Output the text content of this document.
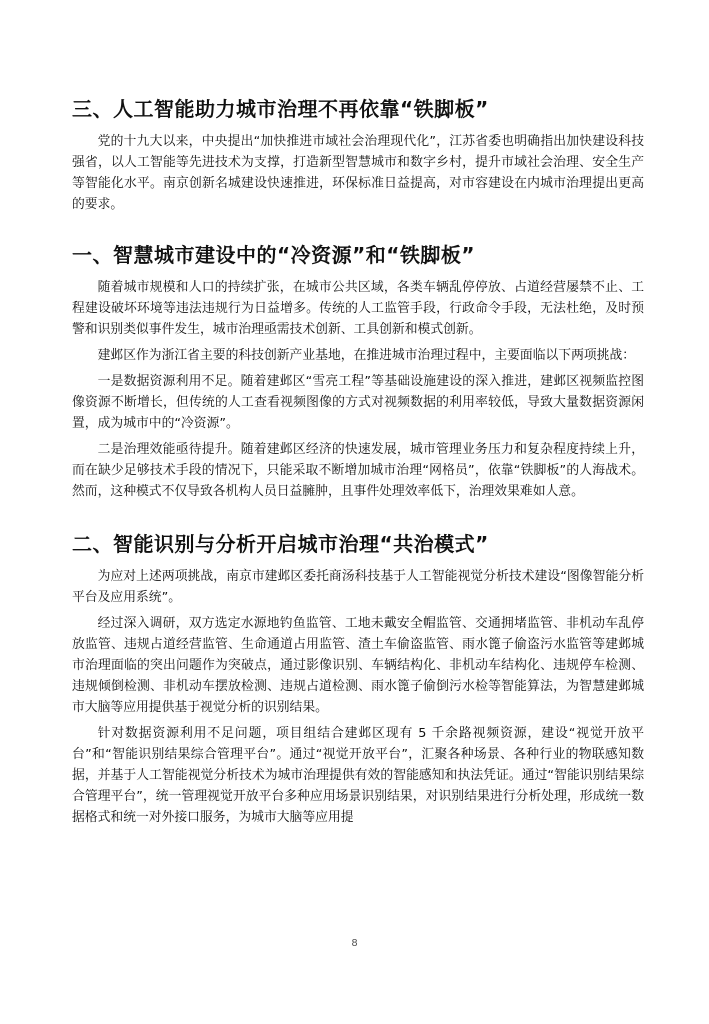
三、人工智能助力城市治理不再依靠“铁脚板”

党的十九大以来，中央提出“加快推进市域社会治理现代化”，江苏省委也明确指出加快建设科技强省，以人工智能等先进技术为支撑，打造新型智慧城市和数字乡村，提升市域社会治理、安全生产等智能化水平。南京创新名城建设快速推进，环保标准日益提高，对市容建设在内城市治理提出更高的要求。

一、智慧城市建设中的“冷资源”和“铁脚板”

随着城市规模和人口的持续扩张，在城市公共区域，各类车辆乱停停放、占道经营屡禁不止、工程建设破坏环境等违法违规行为日益增多。传统的人工监管手段，行政命令手段，无法杜绝，及时预警和识别类似事件发生，城市治理亟需技术创新、工具创新和模式创新。

建邺区作为浙江省主要的科技创新产业基地，在推进城市治理过程中，主要面临以下两项挑战：

一是数据资源利用不足。随着建邺区“雪亮工程”等基础设施建设的深入推进，建邺区视频监控图像资源不断增长，但传统的人工查看视频图像的方式对视频数据的利用率较低，导致大量数据资源闲置，成为城市中的“冷资源”。

二是治理效能亟待提升。随着建邺区经济的快速发展，城市管理业务压力和复杂程度持续上升，而在缺少足够技术手段的情况下，只能采取不断增加城市治理“网格员”，依靠“铁脚板”的人海战术。然而，这种模式不仅导致各机构人员日益臃肿，且事件处理效率低下，治理效果难如人意。

二、智能识别与分析开启城市治理“共治模式”

为应对上述两项挑战，南京市建邺区委托商汤科技基于人工智能视觉分析技术建设“图像智能分析平台及应用系统”。

经过深入调研，双方选定水源地钓鱼监管、工地未戴安全帽监管、交通拥堵监管、非机动车乱停放监管、违规占道经营监管、生命通道占用监管、渣土车偷盗监管、雨水篦子偷盗污水监管等建邺城市治理面临的突出问题作为突破点，通过影像识别、车辆结构化、非机动车结构化、违规停车检测、违规倾倒检测、非机动车摆放检测、违规占道检测、雨水篦子偷倒污水检等智能算法，为智慧建邺城市大脑等应用提供基于视觉分析的识别结果。

针对数据资源利用不足问题，项目组结合建邺区现有 5 千余路视频资源，建设“视觉开放平台”和“智能识别结果综合管理平台”。通过“视觉开放平台”，汇聚各种场景、各种行业的物联感知数据，并基于人工智能视觉分析技术为城市治理提供有效的智能感知和执法凭证。通过“智能识别结果综合管理平台”，统一管理视觉开放平台多种应用场景识别结果，对识别结果进行分析处理，形成统一数据格式和统一对外接口服务，为城市大脑等应用提

8
